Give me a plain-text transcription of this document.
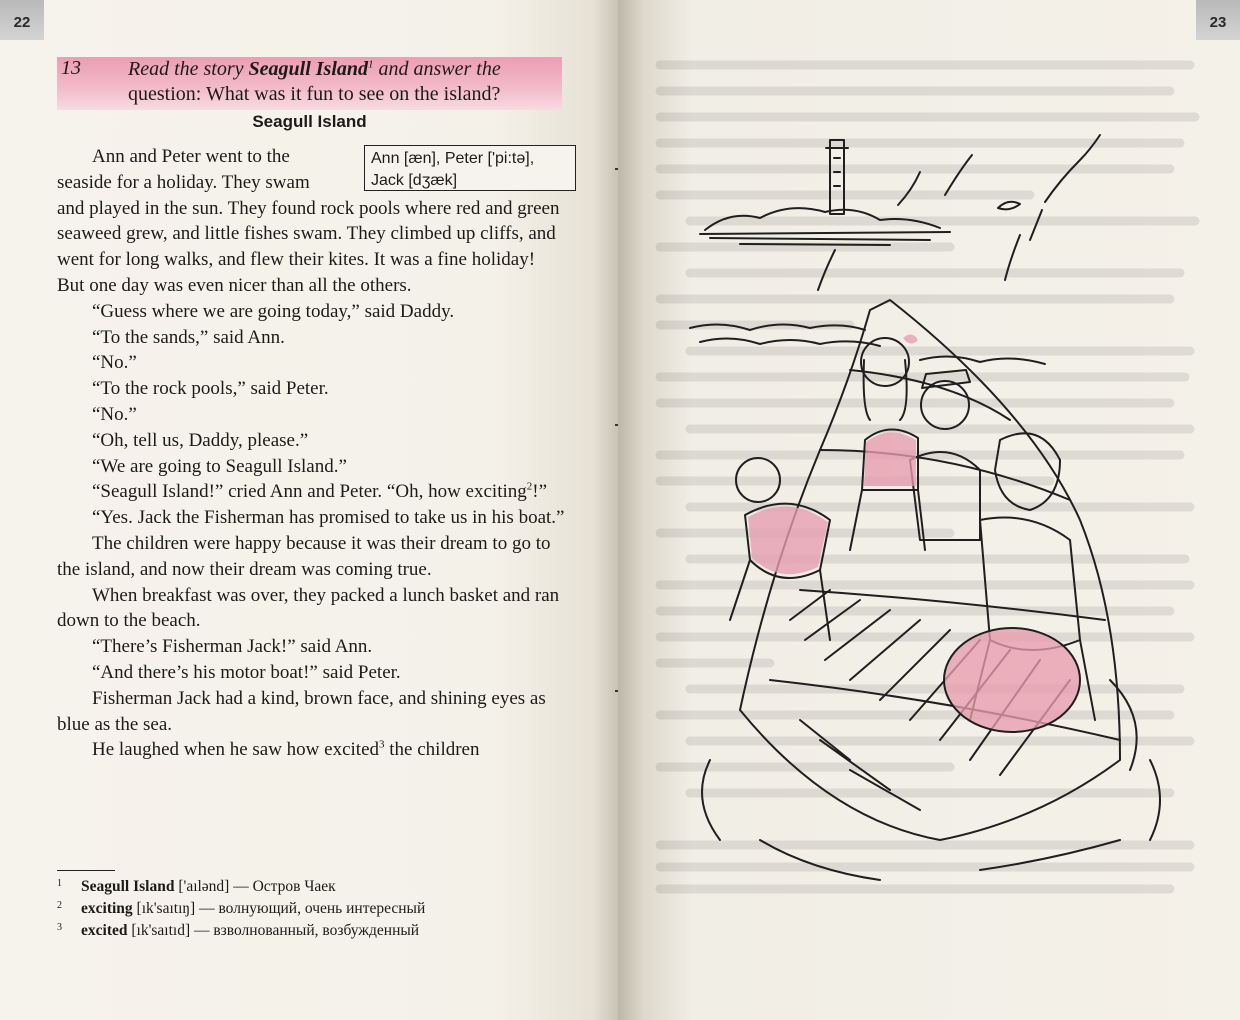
22
13 Read the story Seagull Island$^1$ and answer the
question: What was it fun to see on the island?
Seagull Island
Ann [æn], Peter ['pi:tə],
Jack [dʒæk]

Ann and Peter went to the

seaside for a holiday. They swam

and played in the sun. They found rock pools where red and green seaweed grew, and little fishes swam. They climbed up cliffs, and went for long walks, and flew their kites. It was a fine holiday! But one day was even nicer than all the others.

“Guess where we are going today,” said Daddy.

“To the sands,” said Ann.

“No.”

“To the rock pools,” said Peter.

“No.”

“Oh, tell us, Daddy, please.”

“We are going to Seagull Island.”

“Seagull Island!” cried Ann and Peter. “Oh, how exciting$^2$!”

“Yes. Jack the Fisherman has promised to take us in his boat.”

The children were happy because it was their dream to go to the island, and now their dream was coming true.

When breakfast was over, they packed a lunch basket and ran down to the beach.

“There’s Fisherman Jack!” said Ann.

“And there’s his motor boat!” said Peter.

Fisherman Jack had a kind, brown face, and shining eyes as blue as the sea.

He laughed when he saw how excited$^3$ the children

1 Seagull Island ['aılənd] — Остров Чаек
2 exciting [ık'saıtıŋ] — волнующий, очень интересный
3 excited [ık'saıtıd] — взволнованный, возбужденный
23
